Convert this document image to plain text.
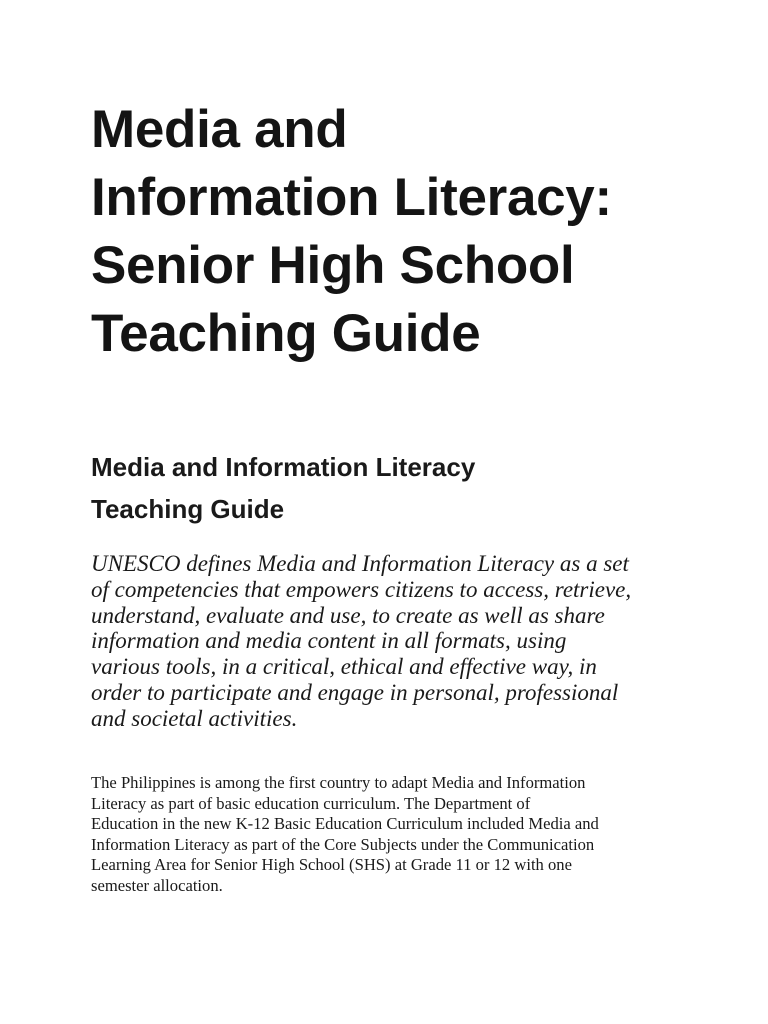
Media and
Information Literacy:
Senior High School
Teaching Guide
Media and Information Literacy
Teaching Guide

UNESCO defines Media and Information Literacy as a set
of competencies that empowers citizens to access, retrieve,
understand, evaluate and use, to create as well as share
information and media content in all formats, using
various tools, in a critical, ethical and effective way, in
order to participate and engage in personal, professional
and societal activities.

The Philippines is among the first country to adapt Media and Information
Literacy as part of basic education curriculum. The Department of
Education in the new K-12 Basic Education Curriculum included Media and
Information Literacy as part of the Core Subjects under the Communication
Learning Area for Senior High School (SHS) at Grade 11 or 12 with one
semester allocation.
